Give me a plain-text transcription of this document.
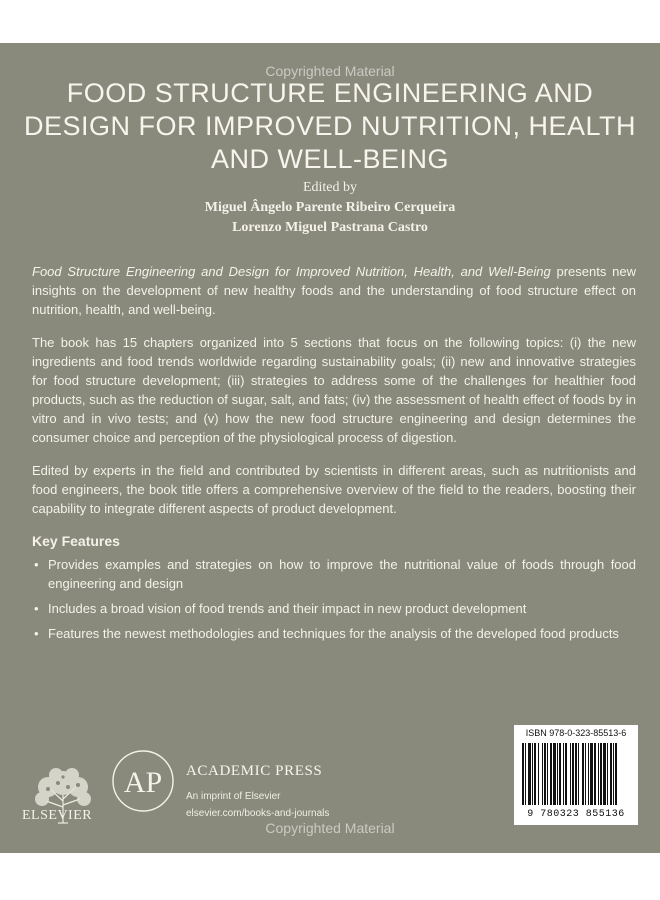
Copyrighted Material
FOOD STRUCTURE ENGINEERING AND
DESIGN FOR IMPROVED NUTRITION, HEALTH
AND WELL-BEING
Edited by
Miguel Ângelo Parente Ribeiro Cerqueira
Lorenzo Miguel Pastrana Castro

Food Structure Engineering and Design for Improved Nutrition, Health, and Well-Being presents new insights on the development of new healthy foods and the understanding of food structure effect on nutrition, health, and well-being.

The book has 15 chapters organized into 5 sections that focus on the following topics: (i) the new ingredients and food trends worldwide regarding sustainability goals; (ii) new and innovative strategies for food structure development; (iii) strategies to address some of the challenges for healthier food products, such as the reduction of sugar, salt, and fats; (iv) the assessment of health effect of foods by in vitro and in vivo tests; and (v) how the new food structure engineering and design determines the consumer choice and perception of the physiological process of digestion.

Edited by experts in the field and contributed by scientists in different areas, such as nutritionists and food engineers, the book title offers a comprehensive overview of the field to the readers, boosting their capability to integrate different aspects of product development.

Key Features
• Provides examples and strategies on how to improve the nutritional value of foods through food engineering and design
• Includes a broad vision of food trends and their impact in new product development
• Features the newest methodologies and techniques for the analysis of the developed food products
ELSEVIER
AP ACADEMIC PRESS
An imprint of Elsevier
elsevier.com/books-and-journals
ISBN 978-0-323-85513-6
9 780323 855136
Copyrighted Material
